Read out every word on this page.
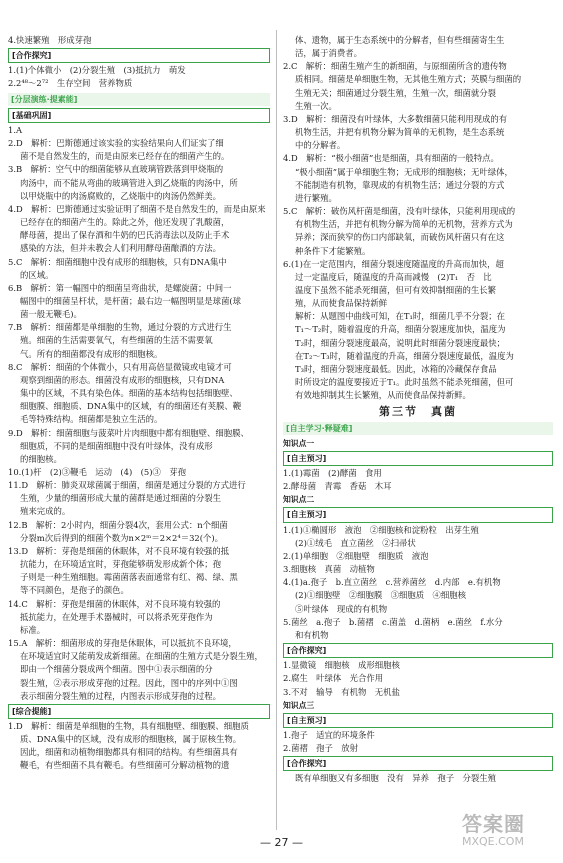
4.快速繁殖　形成芽孢
[合作探究]
1.(1)个体微小　(2)分裂生殖　(3)抵抗力　萌发
2.2⁴⁸～2⁷²　生存空间　营养物质
[分层演练·提素能]
[基础巩固]
1.A
2.D　解析：巴斯德通过该实验的实验结果向人们证实了细
菌不是自然发生的，而是由原来已经存在的细菌产生的。
3.B　解析：空气中的细菌能够从直玻璃管跌落到甲烧瓶的
肉汤中，而不能从弯曲的玻璃管进入到乙烧瓶的肉汤中，所
以甲烧瓶中的肉汤腐败的，乙烧瓶中的肉汤仍然鲜美。
4.D　解析：巴斯德通过实验证明了细菌不是自然发生的，而是由原来
已经存在的细菌产生的。除此之外，他还发现了乳酸菌，
酵母菌，提出了保存酒和牛奶的巴氏消毒法以及防止手术
感染的方法，但并未教会人们利用酵母菌酿酒的方法。
5.C　解析：细菌细胞中没有成形的细胞核，只有DNA集中
的区域。
6.B　解析：第一幅图中的细菌呈弯曲状，是螺旋菌；中间一
幅图中的细菌呈杆状，是杆菌；最右边一幅图明显是球菌(球
菌一般无鞭毛)。
7.B　解析：细菌都是单细胞的生物，通过分裂的方式进行生
殖。细菌的生活需要氧气，有些细菌的生活不需要氧
气。所有的细菌都没有成形的细胞核。
8.C　解析：细菌的个体微小，只有用高倍显微镜或电镜才可
观察到细菌的形态。细菌没有成形的细胞核，只有DNA
集中的区域，不具有染色体。细菌的基本结构包括细胞壁、
细胞膜、细胞质、DNA集中的区域，有的细菌还有荚膜、鞭
毛等特殊结构。细菌都是独立生活的。
9.D　解析：细菌细胞与菠菜叶片肉细胞中都有细胞壁、细胞膜、
细胞质，不同的是细菌细胞中没有叶绿体，没有成形
的细胞核。
10.(1)杆　(2)③鞭毛　运动　(4)　(5)③　芽孢
11.D　解析：肺炎双球菌属于细菌，细菌是通过分裂的方式进行
生殖，少量的细菌形成大量的菌群是通过细菌的分裂生
殖来完成的。
12.B　解析：2小时内，细菌分裂4次，套用公式：n个细菌
分裂m次后得到的细菌个数为n×2ᵐ＝2×2⁴＝32(个)。
13.D　解析：芽孢是细菌的休眠体，对不良环境有较强的抵
抗能力，在环境适宜时，芽孢能够萌发形成新个体；孢
子则是一种生殖细胞。霉菌菌落表面通常有红、褐、绿、黑
等不同颜色，是孢子的颜色。
14.C　解析：芽孢是细菌的休眠体，对不良环境有较强的
抵抗能力，在处理手术器械时，可以将杀死芽孢作为
标准。
15.A　解析：细菌形成的芽孢是休眠体，可以抵抗不良环境，
在环境适宜时又能萌发成新细菌。在细菌的生殖方式是分裂生殖，
即由一个细菌分裂成两个细菌。图中①表示细菌的分
裂生殖，②表示形成芽孢的过程。因此，图中的序列中①图
表示细菌分裂生殖的过程，内图表示形成芽孢的过程。
[综合提能]
1.D　解析：细菌是单细胞的生物，具有细胞壁、细胞膜、细胞质
质、DNA集中的区域，没有成形的细胞核，属于原核生物。
因此，细菌和动植物细胞都具有相同的结构。有些细菌具有
鞭毛，有些细菌不具有鞭毛。有些细菌可分解动植物的遗
体、遗物，属于生态系统中的分解者，但有些细菌寄生生
活，属于消费者。
2.C　解析：细菌生殖产生的新细菌，与原细菌所含的遗传物
质相同。细菌是单细胞生物，无其他生殖方式；英膜与细菌的
生殖无关；细菌通过分裂生殖，生殖一次，细菌就分裂
生殖一次。
3.D　解析：细菌没有叶绿体，大多数细菌只能利用现成的有
机物生活，并把有机物分解为简单的无机物，是生态系统
中的分解者。
4.D　解析：“极小细菌”也是细菌，具有细菌的一般特点。
“极小细菌”属于单细胞生物；无成形的细胞核；无叶绿体，
不能制造有机物，靠现成的有机物生活；通过分裂的方式
进行繁殖。
5.C　解析：破伤风杆菌是细菌，没有叶绿体，只能利用现成的
有机物生活，并把有机物分解为简单的无机物，营养方式为
异养；深而狭窄的伤口内部缺氧，而破伤风杆菌只有在这
种条件下才能繁殖。
6.(1)在一定范围内，细菌分裂速度随温度的升高而加快，超
过一定温度后，随温度的升高而减慢　(2)T₁　否　比
温度下虽然不能杀死细菌，但可有效抑制细菌的生长繁
殖，从而使食品保持新鲜
解析：从题图中曲线可知，在T₁时，细菌几乎不分裂；在
T₁～T₂时，随着温度的升高，细菌分裂速度加快，温度为
T₂时，细菌分裂速度最高，说明此时细菌分裂速度最快；
在T₂～T₃时，随着温度的升高，细菌分裂速度最低，温度为
T₃时，细菌分裂速度最低。因此，冰箱的冷藏保存食品
时所设定的温度要接近于T₁。此时虽然不能杀死细菌，但可
有效地抑制其生长繁殖，从而使食品保持新鲜。
第三节　真菌
[自主学习·释疑难]
知识点一
[自主预习]
1.(1)霉菌　(2)酵菌　食用
2.酵母菌　青霉　香菇　木耳
知识点二
[自主预习]
1.(1)①椭圆形　液泡　②细胞核和淀粉粒　出芽生殖
(2)①绒毛　直立菌丝　②扫帚状
2.(1)单细胞　②细胞壁　细胞质　液泡
3.细胞核　真菌　动植物
4.(1)a.孢子　b.直立菌丝　c.营养菌丝　d.内部　e.有机物
(2)①细胞壁　②细胞膜　③细胞质　④细胞核
⑤叶绿体　现成的有机物
5.菌丝　a.孢子　b.菌褶　c.菌盖　d.菌柄　e.菌丝　f.水分
和有机物
[合作探究]
1.显微镜　细胞核　成形细胞核
2.腐生　叶绿体　光合作用
3.不对　输导　有机物　无机盐
知识点三
[自主预习]
1.孢子　适宜的环境条件
2.菌褶　孢子　放射
[合作探究]
既有单细胞又有多细胞　没有　异养　孢子　分裂生殖
答案圈
MXQE.COM
— 27 —
